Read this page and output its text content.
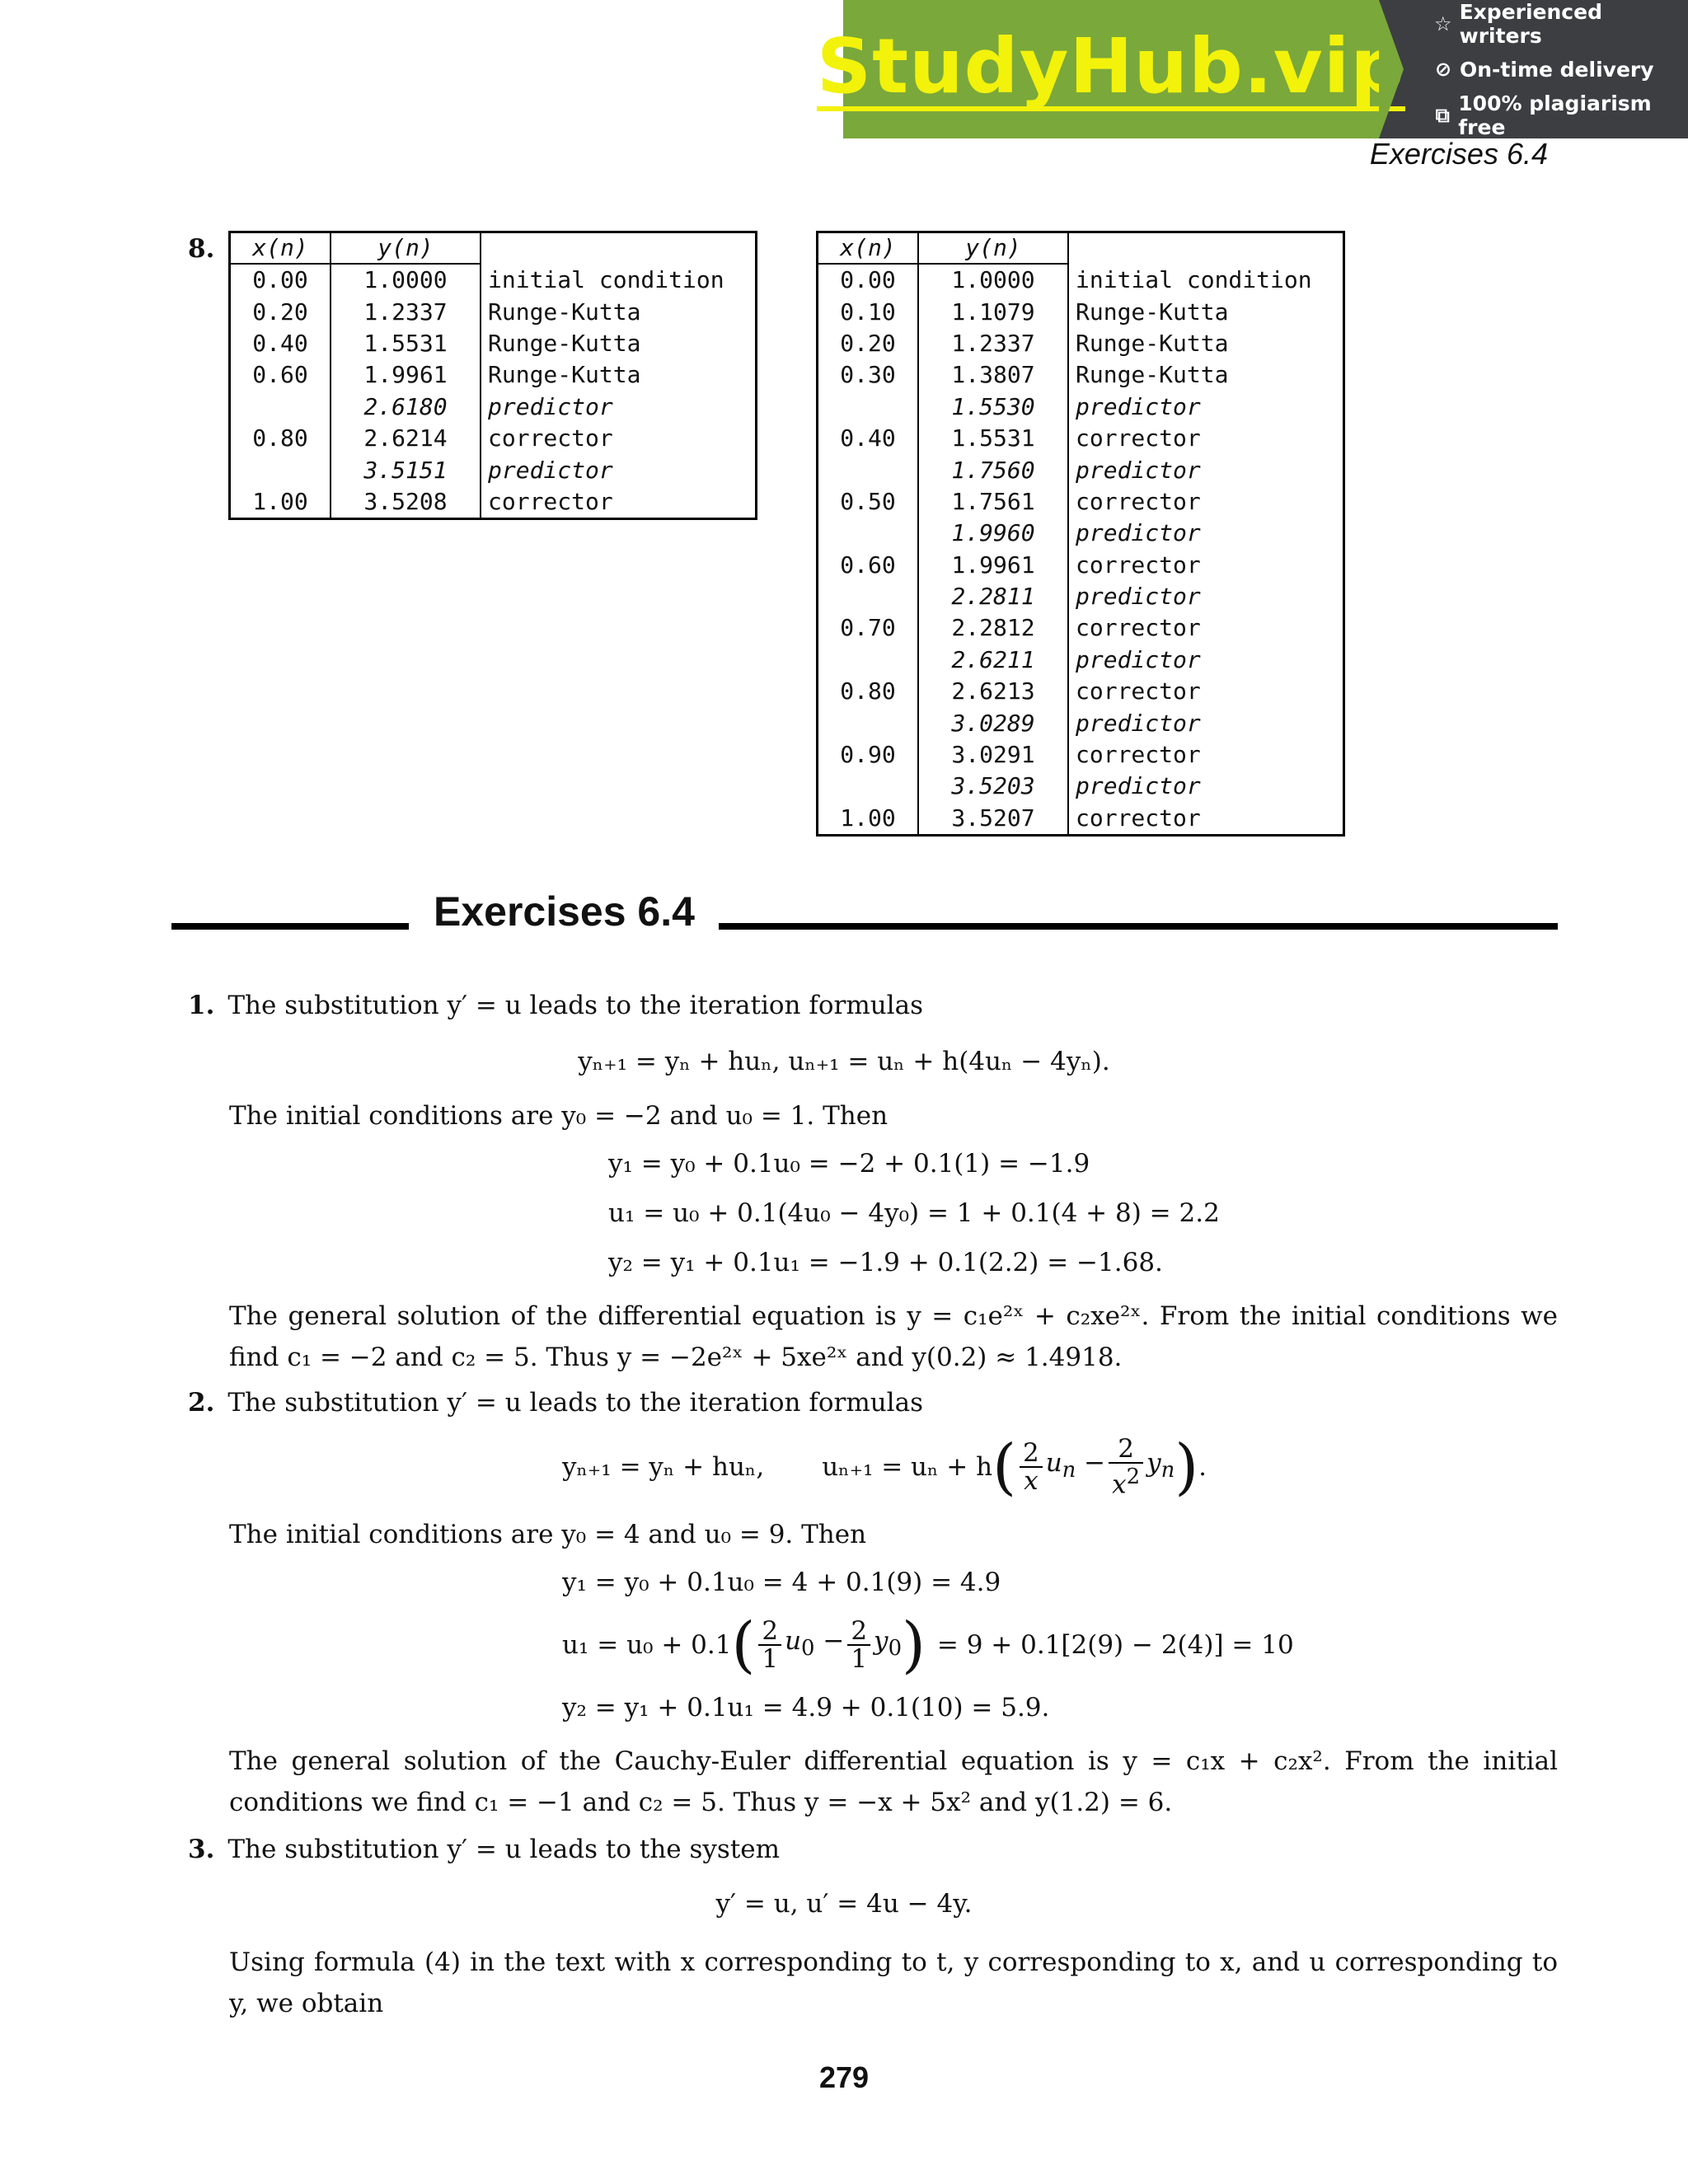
StudyHub.vip ☆ Experienced writers
⊘ On-time delivery
⧉ 100% plagiarism free
Exercises 6.4
8. x(n)	y(n)	
0.00	1.0000	initial condition
0.20	1.2337	Runge-Kutta
0.40	1.5531	Runge-Kutta
0.60	1.9961	Runge-Kutta
	2.6180	predictor
0.80	2.6214	corrector
	3.5151	predictor
1.00	3.5208	corrector
x(n)	y(n)	
0.00	1.0000	initial condition
0.10	1.1079	Runge-Kutta
0.20	1.2337	Runge-Kutta
0.30	1.3807	Runge-Kutta
	1.5530	predictor
0.40	1.5531	corrector
	1.7560	predictor
0.50	1.7561	corrector
	1.9960	predictor
0.60	1.9961	corrector
	2.2811	predictor
0.70	2.2812	corrector
	2.6211	predictor
0.80	2.6213	corrector
	3.0289	predictor
0.90	3.0291	corrector
	3.5203	predictor
1.00	3.5207	corrector
Exercises 6.4
1. The substitution y′ = u leads to the iteration formulas
yₙ₊₁ = yₙ + huₙ, uₙ₊₁ = uₙ + h(4uₙ − 4yₙ).
The initial conditions are y₀ = −2 and u₀ = 1. Then
y₁ = y₀ + 0.1u₀ = −2 + 0.1(1) = −1.9
u₁ = u₀ + 0.1(4u₀ − 4y₀) = 1 + 0.1(4 + 8) = 2.2
y₂ = y₁ + 0.1u₁ = −1.9 + 0.1(2.2) = −1.68.
The general solution of the differential equation is y = c₁e²ˣ + c₂xe²ˣ. From the initial conditions we find c₁ = −2 and c₂ = 5. Thus y = −2e²ˣ + 5xe²ˣ and y(0.2) ≈ 1.4918.
2. The substitution y′ = u leads to the iteration formulas
yₙ₊₁ = yₙ + huₙ, uₙ₊₁ = uₙ + h ( $\frac{2}{x} u_n - \frac{2}{x^2} y_n$ ) .
The initial conditions are y₀ = 4 and u₀ = 9. Then
y₁ = y₀ + 0.1u₀ = 4 + 0.1(9) = 4.9
u₁ = u₀ + 0.1 ( $\frac{2}{1} u_0 - \frac{2}{1} y_0$ ) = 9 + 0.1[2(9) − 2(4)] = 10
y₂ = y₁ + 0.1u₁ = 4.9 + 0.1(10) = 5.9.
The general solution of the Cauchy-Euler differential equation is y = c₁x + c₂x². From the initial conditions we find c₁ = −1 and c₂ = 5. Thus y = −x + 5x² and y(1.2) = 6.
3. The substitution y′ = u leads to the system
y′ = u, u′ = 4u − 4y.
Using formula (4) in the text with x corresponding to t, y corresponding to x, and u corresponding to y, we obtain
279
